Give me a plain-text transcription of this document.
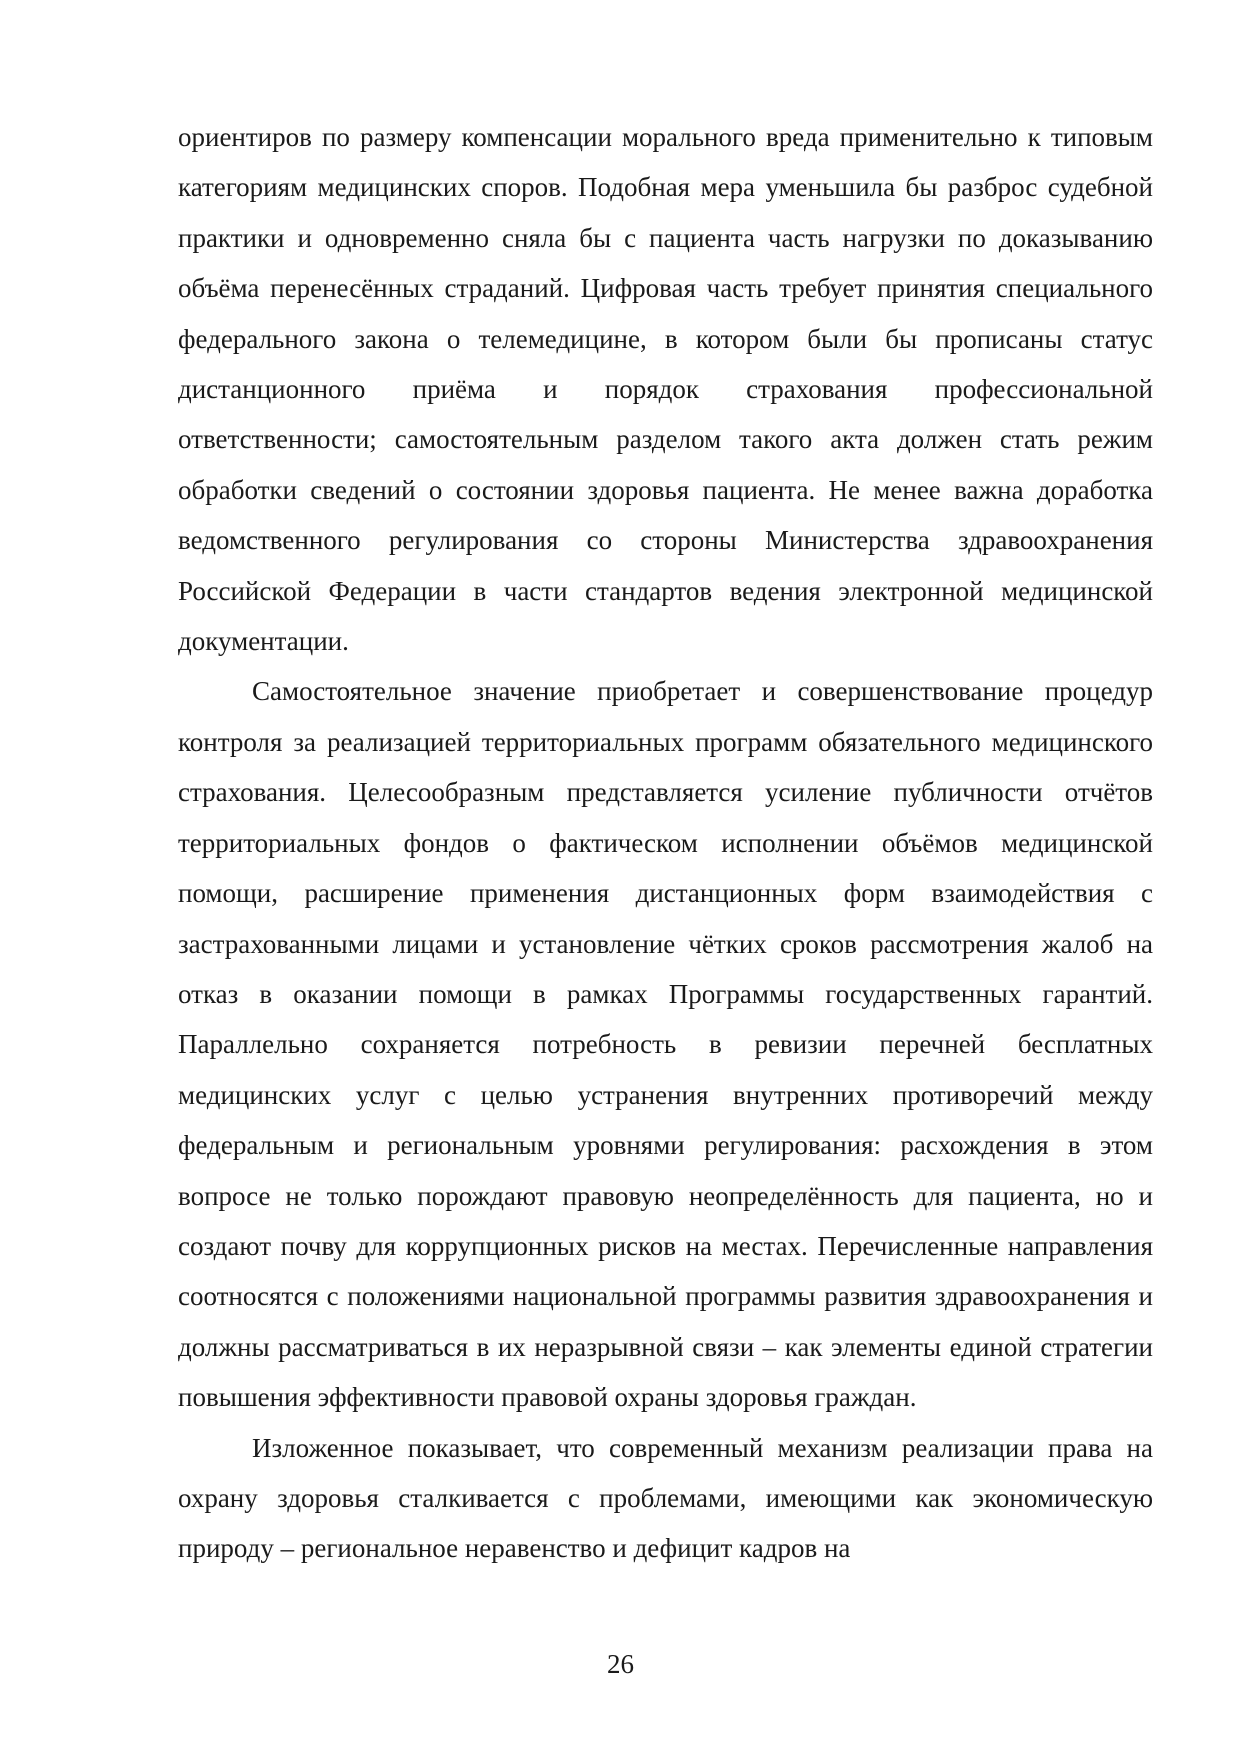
ориентиров по размеру компенсации морального вреда применительно к типовым категориям медицинских споров. Подобная мера уменьшила бы разброс судебной практики и одновременно сняла бы с пациента часть нагрузки по доказыванию объёма перенесённых страданий. Цифровая часть требует принятия специального федерального закона о телемедицине, в котором были бы прописаны статус дистанционного приёма и порядок страхования профессиональной ответственности; самостоятельным разделом такого акта должен стать режим обработки сведений о состоянии здоровья пациента. Не менее важна доработка ведомственного регулирования со стороны Министерства здравоохранения Российской Федерации в части стандартов ведения электронной медицинской документации.

Самостоятельное значение приобретает и совершенствование процедур контроля за реализацией территориальных программ обязательного медицинского страхования. Целесообразным представляется усиление публичности отчётов территориальных фондов о фактическом исполнении объёмов медицинской помощи, расширение применения дистанционных форм взаимодействия с застрахованными лицами и установление чётких сроков рассмотрения жалоб на отказ в оказании помощи в рамках Программы государственных гарантий. Параллельно сохраняется потребность в ревизии перечней бесплатных медицинских услуг с целью устранения внутренних противоречий между федеральным и региональным уровнями регулирования: расхождения в этом вопросе не только порождают правовую неопределённость для пациента, но и создают почву для коррупционных рисков на местах. Перечисленные направления соотносятся с положениями национальной программы развития здравоохранения и должны рассматриваться в их неразрывной связи – как элементы единой стратегии повышения эффективности правовой охраны здоровья граждан.

Изложенное показывает, что современный механизм реализации права на охрану здоровья сталкивается с проблемами, имеющими как экономическую природу – региональное неравенство и дефицит кадров на

26
